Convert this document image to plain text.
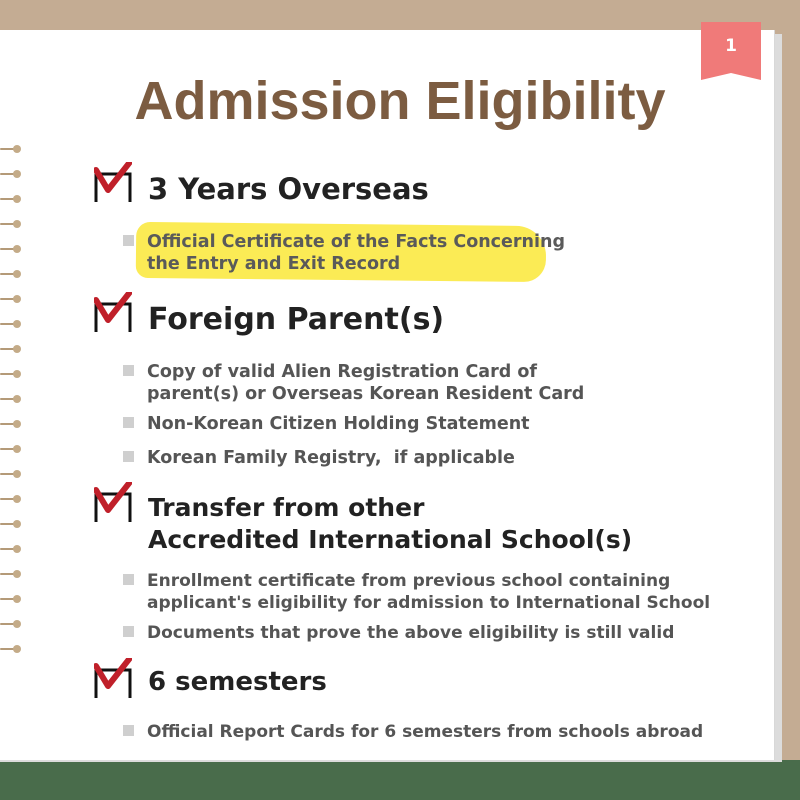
1
Admission Eligibility
3 Years Overseas
Official Certificate of the Facts Concerning
the Entry and Exit Record
Foreign Parent(s)
Copy of valid Alien Registration Card of
parent(s) or Overseas Korean Resident Card
Non-Korean Citizen Holding Statement
Korean Family Registry,  if applicable
Transfer from other
Accredited International School(s)
Enrollment certificate from previous school containing
applicant's eligibility for admission to International School
Documents that prove the above eligibility is still valid
6 semesters
Official Report Cards for 6 semesters from schools abroad
